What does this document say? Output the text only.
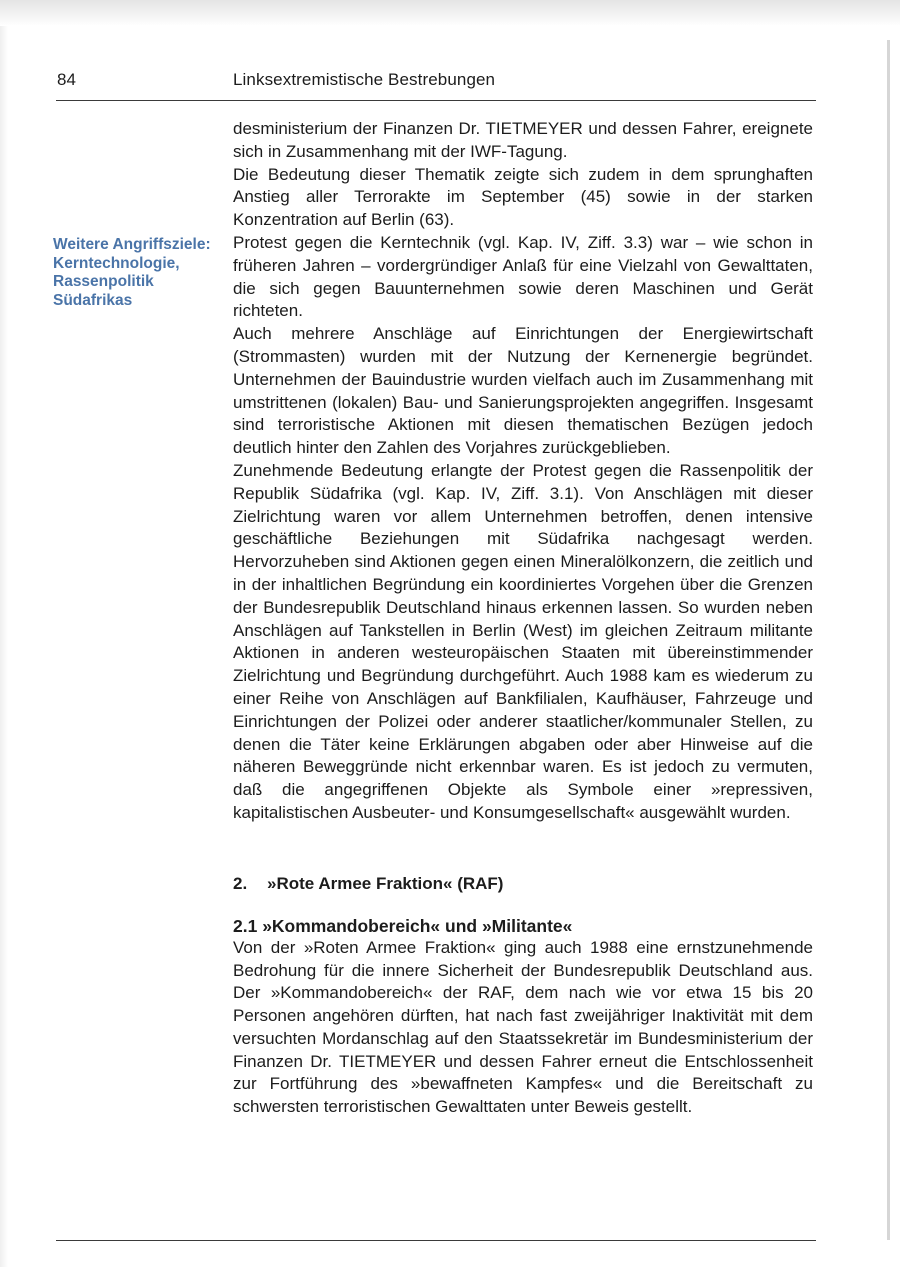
84	Linksextremistische Bestrebungen
Weitere Angriffsziele: Kerntechnologie, Rassenpolitik Südafrikas

desministerium der Finanzen Dr. TIETMEYER und dessen Fahrer, ereignete sich in Zusammenhang mit der IWF-Tagung.

Die Bedeutung dieser Thematik zeigte sich zudem in dem sprunghaften Anstieg aller Terrorakte im September (45) sowie in der starken Konzentration auf Berlin (63).

Protest gegen die Kerntechnik (vgl. Kap. IV, Ziff. 3.3) war – wie schon in früheren Jahren – vordergründiger Anlaß für eine Vielzahl von Gewalttaten, die sich gegen Bauunternehmen sowie deren Maschinen und Gerät richteten.

Auch mehrere Anschläge auf Einrichtungen der Energiewirtschaft (Strommasten) wurden mit der Nutzung der Kernenergie begründet. Unternehmen der Bauindustrie wurden vielfach auch im Zusammenhang mit umstrittenen (lokalen) Bau- und Sanierungsprojekten angegriffen. Insgesamt sind terroristische Aktionen mit diesen thematischen Bezügen jedoch deutlich hinter den Zahlen des Vorjahres zurückgeblieben.

Zunehmende Bedeutung erlangte der Protest gegen die Rassenpolitik der Republik Südafrika (vgl. Kap. IV, Ziff. 3.1). Von Anschlägen mit dieser Zielrichtung waren vor allem Unternehmen betroffen, denen intensive geschäftliche Beziehungen mit Südafrika nachgesagt werden. Hervorzuheben sind Aktionen gegen einen Mineralölkonzern, die zeitlich und in der inhaltlichen Begründung ein koordiniertes Vorgehen über die Grenzen der Bundesrepublik Deutschland hinaus erkennen lassen. So wurden neben Anschlägen auf Tankstellen in Berlin (West) im gleichen Zeitraum militante Aktionen in anderen westeuropäischen Staaten mit übereinstimmender Zielrichtung und Begründung durchgeführt. Auch 1988 kam es wiederum zu einer Reihe von Anschlägen auf Bankfilialen, Kaufhäuser, Fahrzeuge und Einrichtungen der Polizei oder anderer staatlicher/kommunaler Stellen, zu denen die Täter keine Erklärungen abgaben oder aber Hinweise auf die näheren Beweggründe nicht erkennbar waren. Es ist jedoch zu vermuten, daß die angegriffenen Objekte als Symbole einer »repressiven, kapitalistischen Ausbeuter- und Konsumgesellschaft« ausgewählt wurden.

2. »Rote Armee Fraktion« (RAF)
2.1 »Kommandobereich« und »Militante«

Von der »Roten Armee Fraktion« ging auch 1988 eine ernstzunehmende Bedrohung für die innere Sicherheit der Bundesrepublik Deutschland aus. Der »Kommandobereich« der RAF, dem nach wie vor etwa 15 bis 20 Personen angehören dürften, hat nach fast zweijähriger Inaktivität mit dem versuchten Mordanschlag auf den Staatssekretär im Bundesministerium der Finanzen Dr. TIETMEYER und dessen Fahrer erneut die Entschlossenheit zur Fortführung des »bewaffneten Kampfes« und die Bereitschaft zu schwersten terroristischen Gewalttaten unter Beweis gestellt.
